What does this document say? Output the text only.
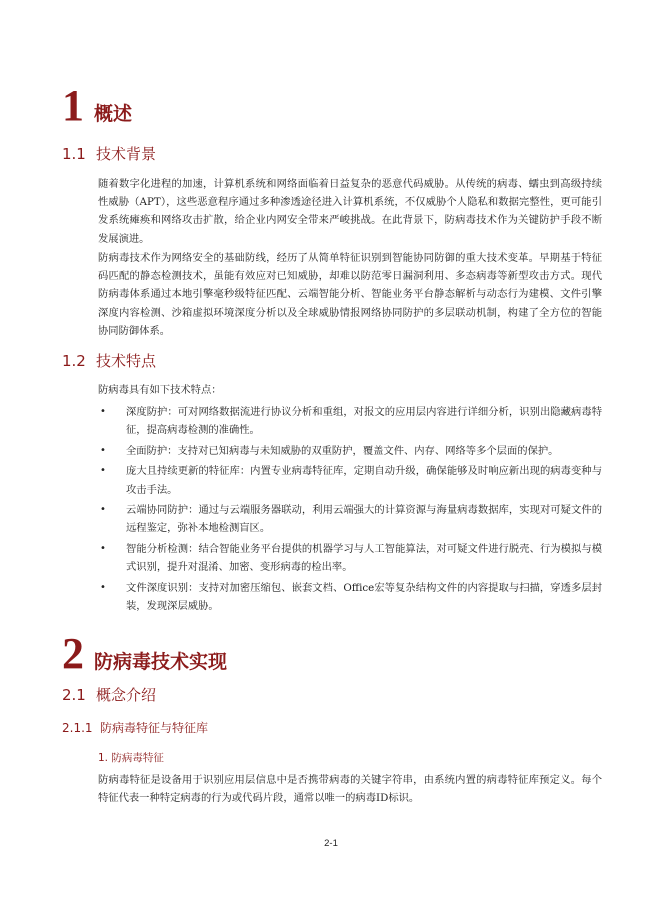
1 概述
1.1 技术背景

随着数字化进程的加速，计算机系统和网络面临着日益复杂的恶意代码威胁。从传统的病毒、蠕虫到高级持续性威胁（APT），这些恶意程序通过多种渗透途径进入计算机系统，不仅威胁个人隐私和数据完整性，更可能引发系统瘫痪和网络攻击扩散，给企业内网安全带来严峻挑战。在此背景下，防病毒技术作为关键防护手段不断发展演进。

防病毒技术作为网络安全的基础防线，经历了从简单特征识别到智能协同防御的重大技术变革。早期基于特征码匹配的静态检测技术，虽能有效应对已知威胁，却难以防范零日漏洞利用、多态病毒等新型攻击方式。现代防病毒体系通过本地引擎毫秒级特征匹配、云端智能分析、智能业务平台静态解析与动态行为建模、文件引擎深度内容检测、沙箱虚拟环境深度分析以及全球威胁情报网络协同防护的多层联动机制，构建了全方位的智能协同防御体系。

1.2 技术特点

防病毒具有如下技术特点：

• 深度防护：可对网络数据流进行协议分析和重组，对报文的应用层内容进行详细分析，识别出隐藏病毒特征，提高病毒检测的准确性。
• 全面防护：支持对已知病毒与未知威胁的双重防护，覆盖文件、内存、网络等多个层面的保护。
• 庞大且持续更新的特征库：内置专业病毒特征库，定期自动升级，确保能够及时响应新出现的病毒变种与攻击手法。
• 云端协同防护：通过与云端服务器联动，利用云端强大的计算资源与海量病毒数据库，实现对可疑文件的远程鉴定，弥补本地检测盲区。
• 智能分析检测：结合智能业务平台提供的机器学习与人工智能算法，对可疑文件进行脱壳、行为模拟与模式识别，提升对混淆、加密、变形病毒的检出率。
• 文件深度识别：支持对加密压缩包、嵌套文档、Office宏等复杂结构文件的内容提取与扫描，穿透多层封装，发现深层威胁。
2 防病毒技术实现
2.1 概念介绍
2.1.1 防病毒特征与特征库
1. 防病毒特征

防病毒特征是设备用于识别应用层信息中是否携带病毒的关键字符串，由系统内置的病毒特征库预定义。每个特征代表一种特定病毒的行为或代码片段，通常以唯一的病毒ID标识。

2-1
